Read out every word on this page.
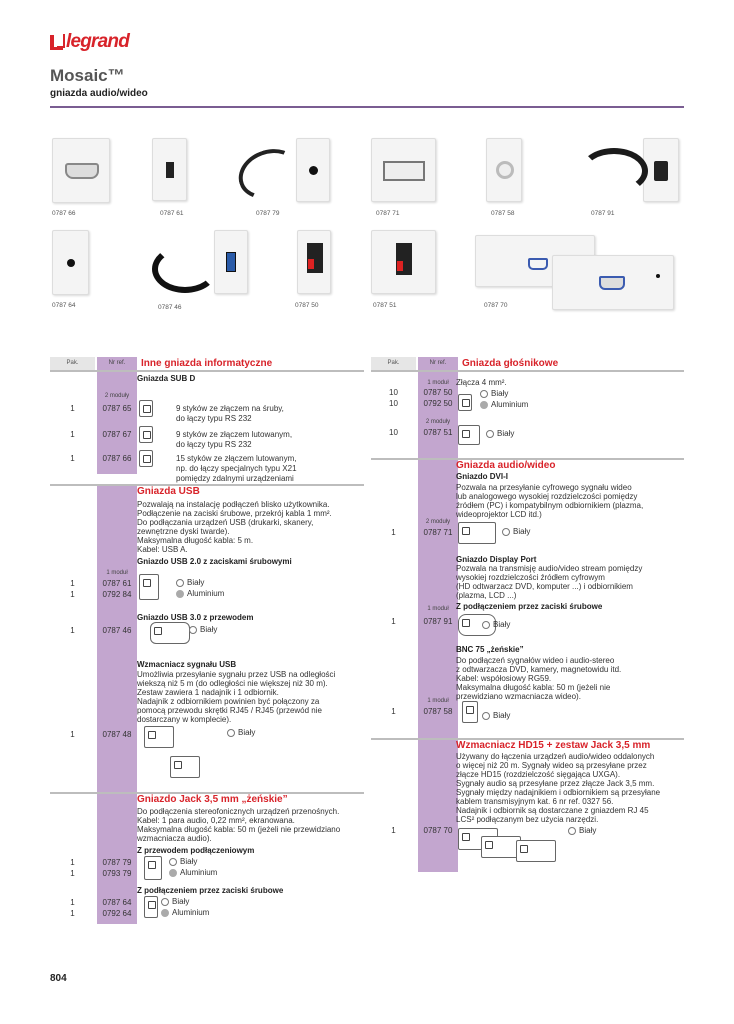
legrand
Mosaic™
gniazda audio/wideo
0787 66	0787 61	0787 79	0787 71	0787 58	0787 91
0787 64	0787 46	0787 50	0787 51	0787 70
Pak.	Nr ref.	Inne gniazda informatyczne
Gniazda SUB D
2 moduły
1	0787 65	9 styków ze złączem na śruby,
do łączy typu RS 232
1	0787 67	9 styków ze złączem lutowanym,
do łączy typu RS 232
1	0787 66	15 styków ze złączem lutowanym,
np. do łączy specjalnych typu X21
pomiędzy zdalnymi urządzeniami
Gniazda USB
Pozwalają na instalację podłączeń blisko użytkownika.
Podłączenie na zaciski śrubowe, przekrój kabla 1 mm².
Do podłączania urządzeń USB (drukarki, skanery,
zewnętrzne dyski twarde).
Maksymalna długość kabla: 5 m.
Kabel: USB A.
Gniazdo USB 2.0 z zaciskami śrubowymi
1 moduł
1	0787 61
1	0792 84
Biały
Aluminium
Gniazdo USB 3.0 z przewodem
1	0787 46	Biały
Wzmacniacz sygnału USB
Umożliwia przesyłanie sygnału przez USB na odległości
wiekszą niż 5 m (do odległości nie większej niż 30 m).
Zestaw zawiera 1 nadajnik i 1 odbiornik.
Nadajnik z odbiornikiem powinien być połączony za
pomocą przewodu skrętki RJ45 / RJ45 (przewód nie
dostarczany w komplecie).
1	0787 48	Biały
Gniazdo Jack 3,5 mm „żeńskie”
Do podłączenia stereofonicznych urządzeń przenośnych.
Kabel: 1 para audio, 0,22 mm², ekranowana.
Maksymalna długość kabla: 50 m (jeżeli nie przewidziano
wzmacniacza audio).
Z przewodem podłączeniowym
1	0787 79
1	0793 79
Biały
Aluminium
Z podłączeniem przez zaciski śrubowe
1	0787 64
1	0792 64
Biały
Aluminium
Pak.	Nr ref.	Gniazda głośnikowe
Złącza 4 mm².
1 moduł
10	0787 50
10	0792 50
Biały
Aluminium
2 moduły
10	0787 51	Biały
Gniazda audio/wideo
Gniazdo DVI-I
Pozwala na przesyłanie cyfrowego sygnału wideo
lub analogowego wysokiej rozdzielczości pomiędzy
źródłem (PC) i kompatybilnym odbiornikiem (plazma,
wideoprojektor LCD itd.)
2 moduły
1	0787 71	Biały
Gniazdo Display Port
Pozwala na transmisję audio/video stream pomiędzy
wysokiej rozdzielczości źródłem cyfrowym
(HD odtwarzacz DVD, komputer ...) i odbiornikiem
(plazma, LCD ...)
1 moduł Z podłączeniem przez zaciski śrubowe
1	0787 91	Biały
BNC 75 „żeńskie”
Do podłączeń sygnałów wideo i audio-stereo
z odtwarzacza DVD, kamery, magnetowidu itd.
Kabel: współosiowy RG59.
Maksymalna długość kabla: 50 m (jeżeli nie
przewidziano wzmacniacza wideo).
1 moduł
1	0787 58	Biały
Wzmacniacz HD15 + zestaw Jack 3,5 mm
Używany do łączenia urządzeń audio/wideo oddalonych
o więcej niż 20 m. Sygnały wideo są przesyłane przez
złącze HD15 (rozdzielczość sięgająca UXGA).
Sygnały audio są przesyłane przez złącze Jack 3,5 mm.
Sygnały między nadajnikiem i odbiornikiem są przesyłane
kablem transmisyjnym kat. 6 nr ref. 0327 56.
Nadajnik i odbiornik są dostarczane z gniazdem RJ 45
LCS² podłączanym bez użycia narzędzi.
1	0787 70	Biały
804
